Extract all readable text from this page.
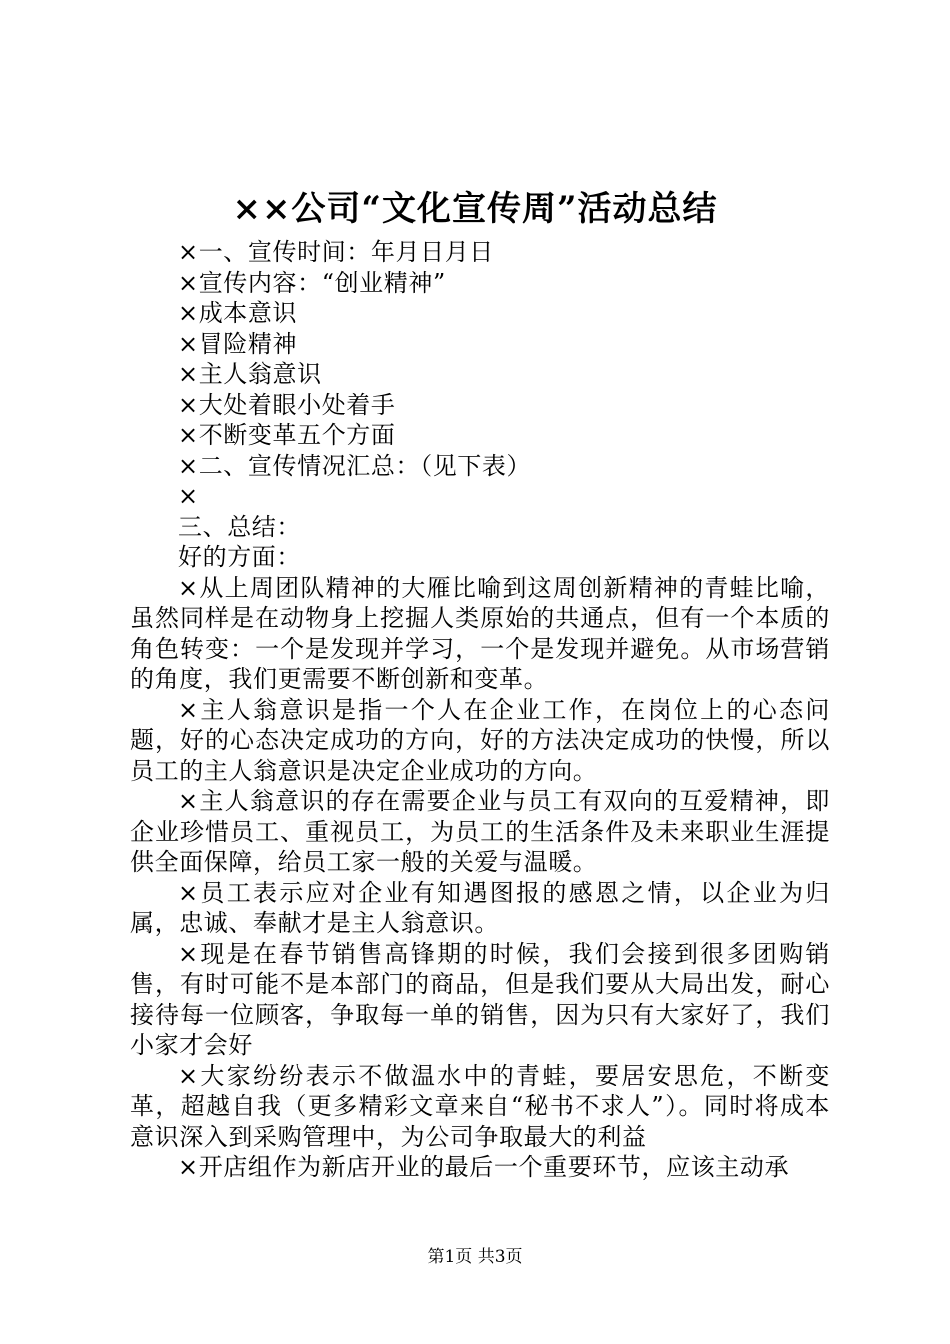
××公司“文化宣传周”活动总结

×一、宣传时间：年月日月日

×宣传内容：“创业精神”

×成本意识

×冒险精神

×主人翁意识

×大处着眼小处着手

×不断变革五个方面

×二、宣传情况汇总：（见下表）

×

三、总结：

好的方面：

×从上周团队精神的大雁比喻到这周创新精神的青蛙比喻，虽然同样是在动物身上挖掘人类原始的共通点，但有一个本质的角色转变：一个是发现并学习，一个是发现并避免。从市场营销的角度，我们更需要不断创新和变革。

×主人翁意识是指一个人在企业工作，在岗位上的心态问题，好的心态决定成功的方向，好的方法决定成功的快慢，所以员工的主人翁意识是决定企业成功的方向。

×主人翁意识的存在需要企业与员工有双向的互爱精神，即企业珍惜员工、重视员工，为员工的生活条件及未来职业生涯提供全面保障，给员工家一般的关爱与温暖。

×员工表示应对企业有知遇图报的感恩之情，以企业为归属，忠诚、奉献才是主人翁意识。

×现是在春节销售高锋期的时候，我们会接到很多团购销售，有时可能不是本部门的商品，但是我们要从大局出发，耐心接待每一位顾客，争取每一单的销售，因为只有大家好了，我们小家才会好

×大家纷纷表示不做温水中的青蛙，要居安思危，不断变革，超越自我（更多精彩文章来自“秘书不求人”）。同时将成本意识深入到采购管理中，为公司争取最大的利益

×开店组作为新店开业的最后一个重要环节，应该主动承

第1页 共3页
